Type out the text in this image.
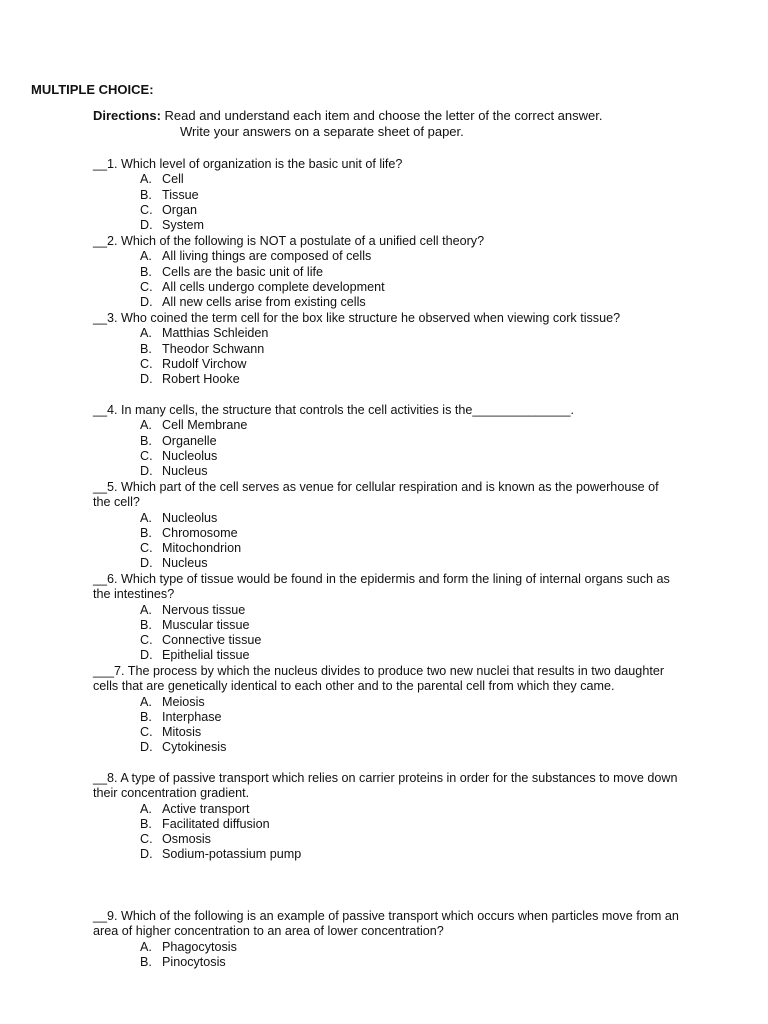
MULTIPLE CHOICE:
Directions: Read and understand each item and choose the letter of the correct answer.
Write your answers on a separate sheet of paper.

__1. Which level of organization is the basic unit of life?

A. Cell
B. Tissue
C. Organ
D. System

__2. Which of the following is NOT a postulate of a unified cell theory?

A. All living things are composed of cells
B. Cells are the basic unit of life
C. All cells undergo complete development
D. All new cells arise from existing cells

__3. Who coined the term cell for the box like structure he observed when viewing cork tissue?

A. Matthias Schleiden
B. Theodor Schwann
C. Rudolf Virchow
D. Robert Hooke

__4. In many cells, the structure that controls the cell activities is the______________.

A. Cell Membrane
B. Organelle
C. Nucleolus
D. Nucleus

__5. Which part of the cell serves as venue for cellular respiration and is known as the powerhouse of the cell?

A. Nucleolus
B. Chromosome
C. Mitochondrion
D. Nucleus

__6. Which type of tissue would be found in the epidermis and form the lining of internal organs such as the intestines?

A. Nervous tissue
B. Muscular tissue
C. Connective tissue
D. Epithelial tissue

___7. The process by which the nucleus divides to produce two new nuclei that results in two daughter cells that are genetically identical to each other and to the parental cell from which they came.

A. Meiosis
B. Interphase
C. Mitosis
D. Cytokinesis

__8. A type of passive transport which relies on carrier proteins in order for the substances to move down their concentration gradient.

A. Active transport
B. Facilitated diffusion
C. Osmosis
D. Sodium-potassium pump

__9. Which of the following is an example of passive transport which occurs when particles move from an area of higher concentration to an area of lower concentration?

A. Phagocytosis
B. Pinocytosis
